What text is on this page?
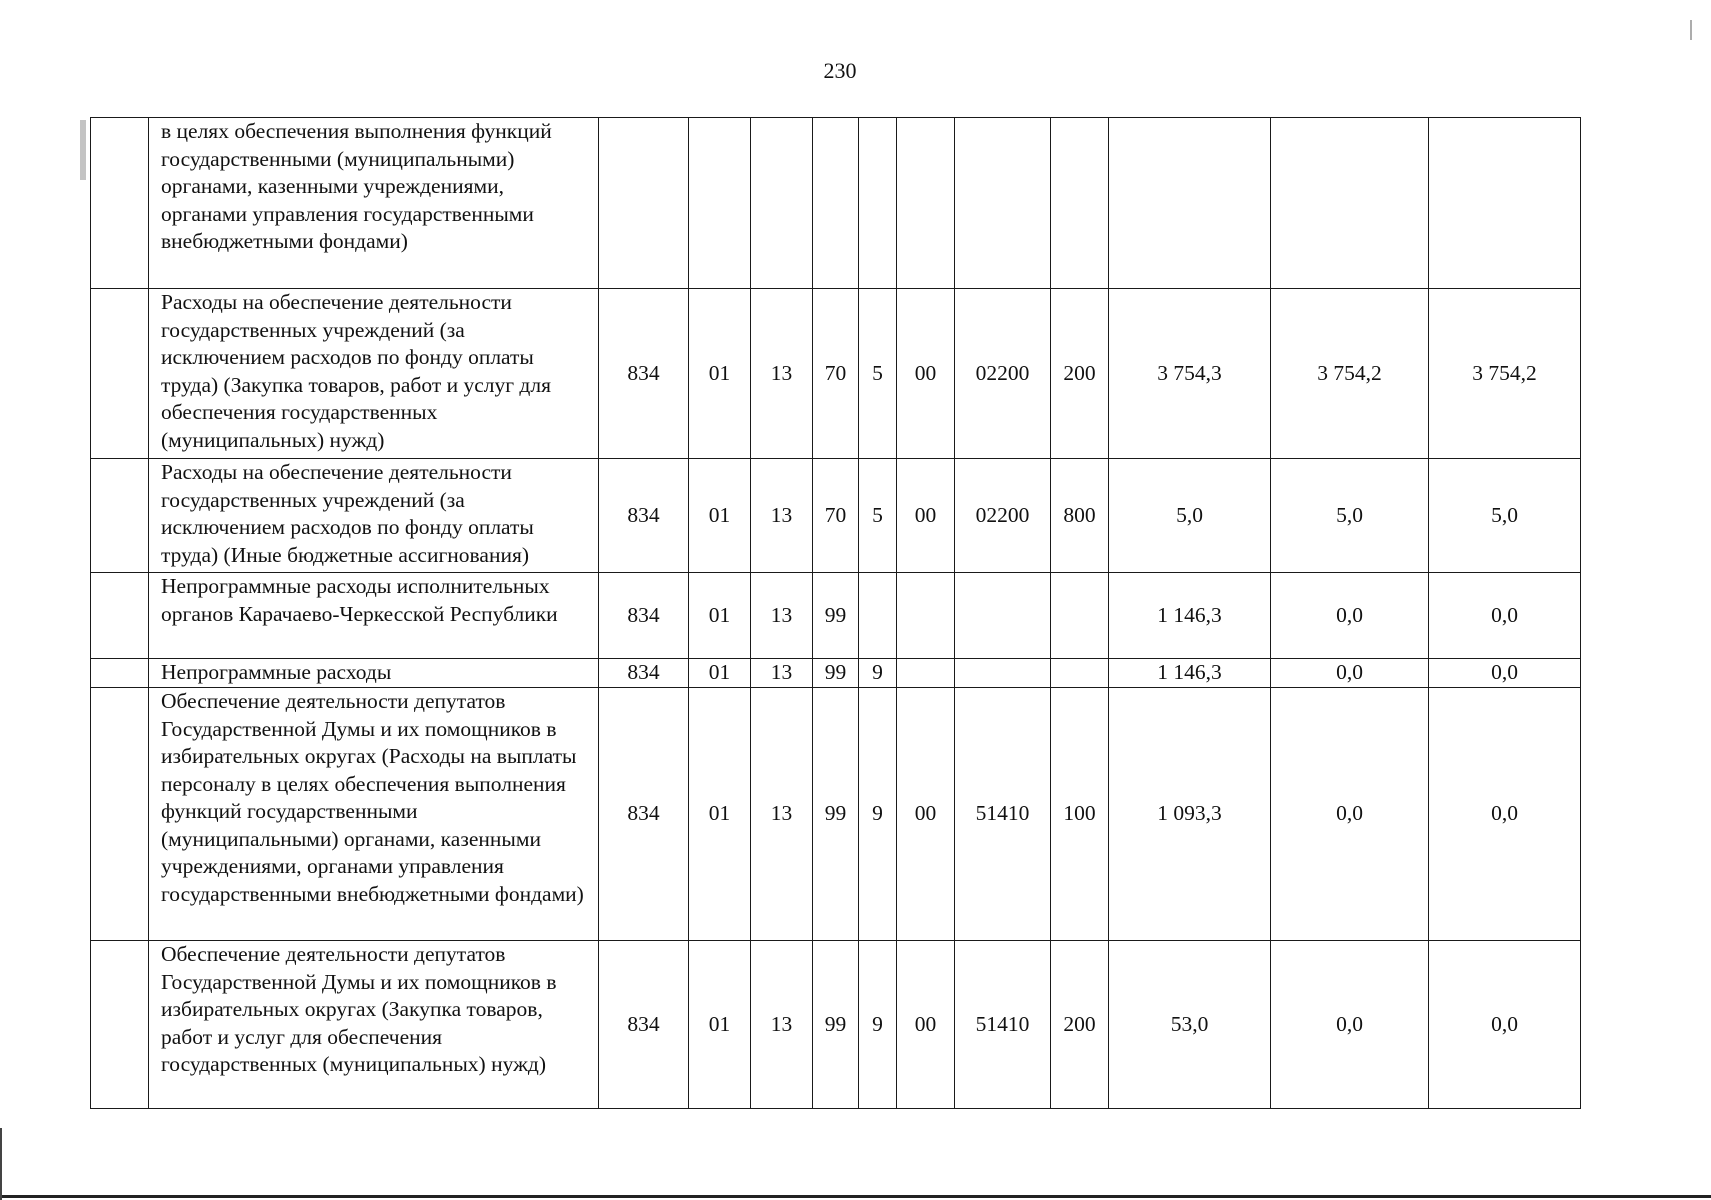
230
	в целях обеспечения выполнения функций государственными (муниципальными) органами, казенными учреждениями, органами управления государственными внебюджетными фондами)											
	Расходы на обеспечение деятельности государственных учреждений (за исключением расходов по фонду оплаты труда) (Закупка товаров, работ и услуг для обеспечения государственных (муниципальных) нужд)	834	01	13	70	5	00	02200	200	3 754,3	3 754,2	3 754,2
	Расходы на обеспечение деятельности государственных учреждений (за исключением расходов по фонду оплаты труда) (Иные бюджетные ассигнования)	834	01	13	70	5	00	02200	800	5,0	5,0	5,0
	Непрограммные расходы исполнительных органов Карачаево-Черкесской Республики	834	01	13	99					1 146,3	0,0	0,0
	Непрограммные расходы	834	01	13	99	9				1 146,3	0,0	0,0
	Обеспечение деятельности депутатов Государственной Думы и их помощников в избирательных округах (Расходы на выплаты персоналу в целях обеспечения выполнения функций государственными (муниципальными) органами, казенными учреждениями, органами управления государственными внебюджетными фондами)	834	01	13	99	9	00	51410	100	1 093,3	0,0	0,0
	Обеспечение деятельности депутатов Государственной Думы и их помощников в избирательных округах (Закупка товаров, работ и услуг для обеспечения государственных (муниципальных) нужд)	834	01	13	99	9	00	51410	200	53,0	0,0	0,0
